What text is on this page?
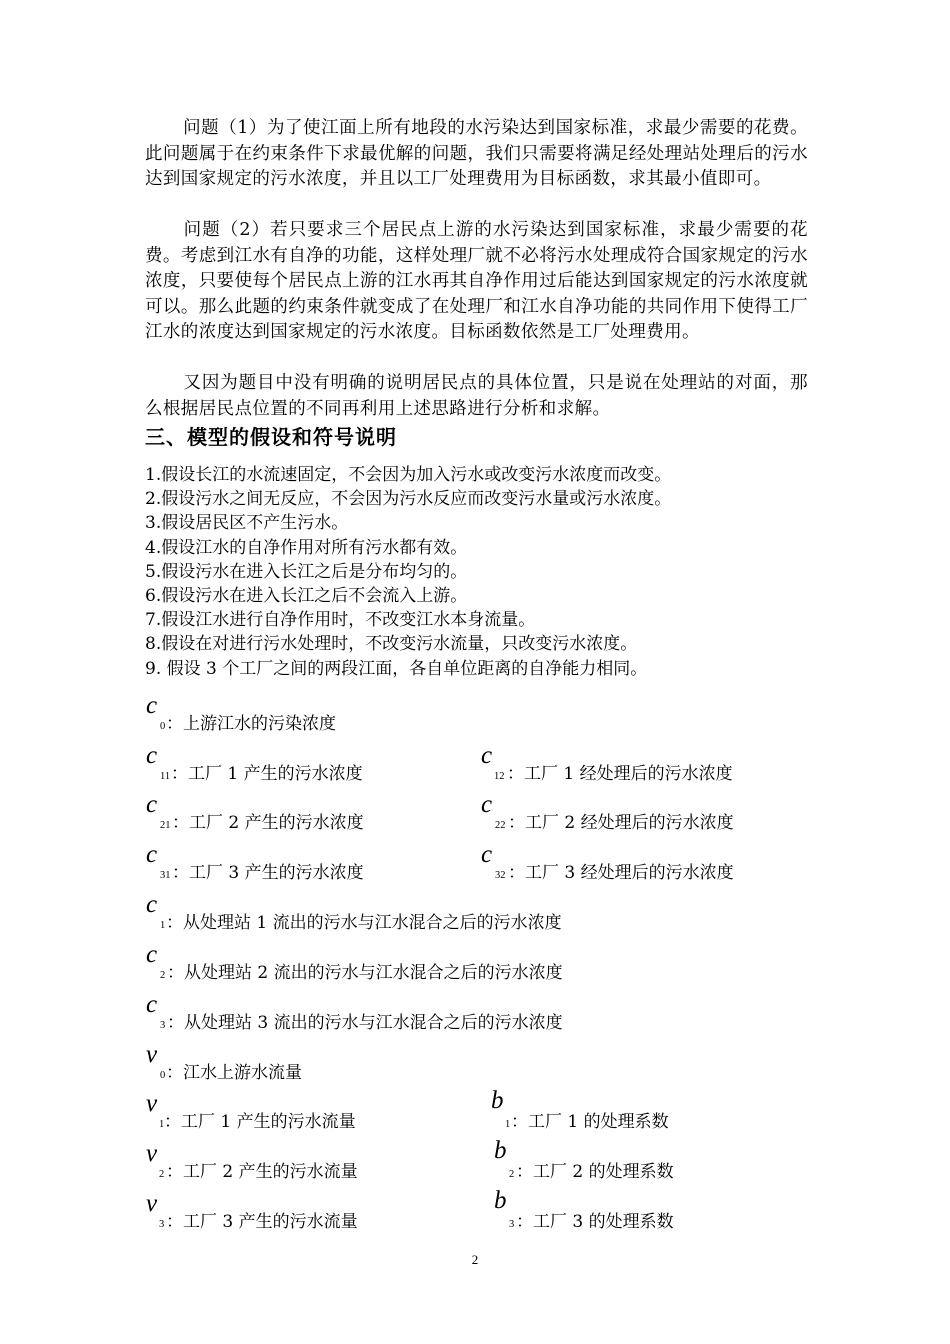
问题（1）为了使江面上所有地段的水污染达到国家标准，求最少需要的花费。此问题属于在约束条件下求最优解的问题，我们只需要将满足经处理站处理后的污水达到国家规定的污水浓度，并且以工厂处理费用为目标函数，求其最小值即可。

问题（2）若只要求三个居民点上游的水污染达到国家标准，求最少需要的花费。考虑到江水有自净的功能，这样处理厂就不必将污水处理成符合国家规定的污水浓度，只要使每个居民点上游的江水再其自净作用过后能达到国家规定的污水浓度就可以。那么此题的约束条件就变成了在处理厂和江水自净功能的共同作用下使得工厂江水的浓度达到国家规定的污水浓度。目标函数依然是工厂处理费用。

又因为题目中没有明确的说明居民点的具体位置，只是说在处理站的对面，那么根据居民点位置的不同再利用上述思路进行分析和求解。

三、模型的假设和符号说明
1.假设长江的水流速固定，不会因为加入污水或改变污水浓度而改变。
2.假设污水之间无反应，不会因为污水反应而改变污水量或污水浓度。
3.假设居民区不产生污水。
4.假设江水的自净作用对所有污水都有效。
5.假设污水在进入长江之后是分布均匀的。
6.假设污水在进入长江之后不会流入上游。
7.假设江水进行自净作用时，不改变江水本身流量。
8.假设在对进行污水处理时，不改变污水流量，只改变污水浓度。
9. 假设 3 个工厂之间的两段江面，各自单位距离的自净能力相同。
c
0 ：上游江水的污染浓度
c
11 ：工厂 1 产生的污水浓度
c
12 ：工厂 1 经处理后的污水浓度
c
21 ：工厂 2 产生的污水浓度
c
22 ：工厂 2 经处理后的污水浓度
c
31 ：工厂 3 产生的污水浓度
c
32 ：工厂 3 经处理后的污水浓度
c
1 ：从处理站 1 流出的污水与江水混合之后的污水浓度
c
2 ：从处理站 2 流出的污水与江水混合之后的污水浓度
c
3 ：从处理站 3 流出的污水与江水混合之后的污水浓度
v
0 ：江水上游水流量
v
1 ：工厂 1 产生的污水流量
b
1 ：工厂 1 的处理系数
v
2 ：工厂 2 产生的污水流量
b
2 ：工厂 2 的处理系数
v
3 ：工厂 3 产生的污水流量
b
3 ：工厂 3 的处理系数
2
